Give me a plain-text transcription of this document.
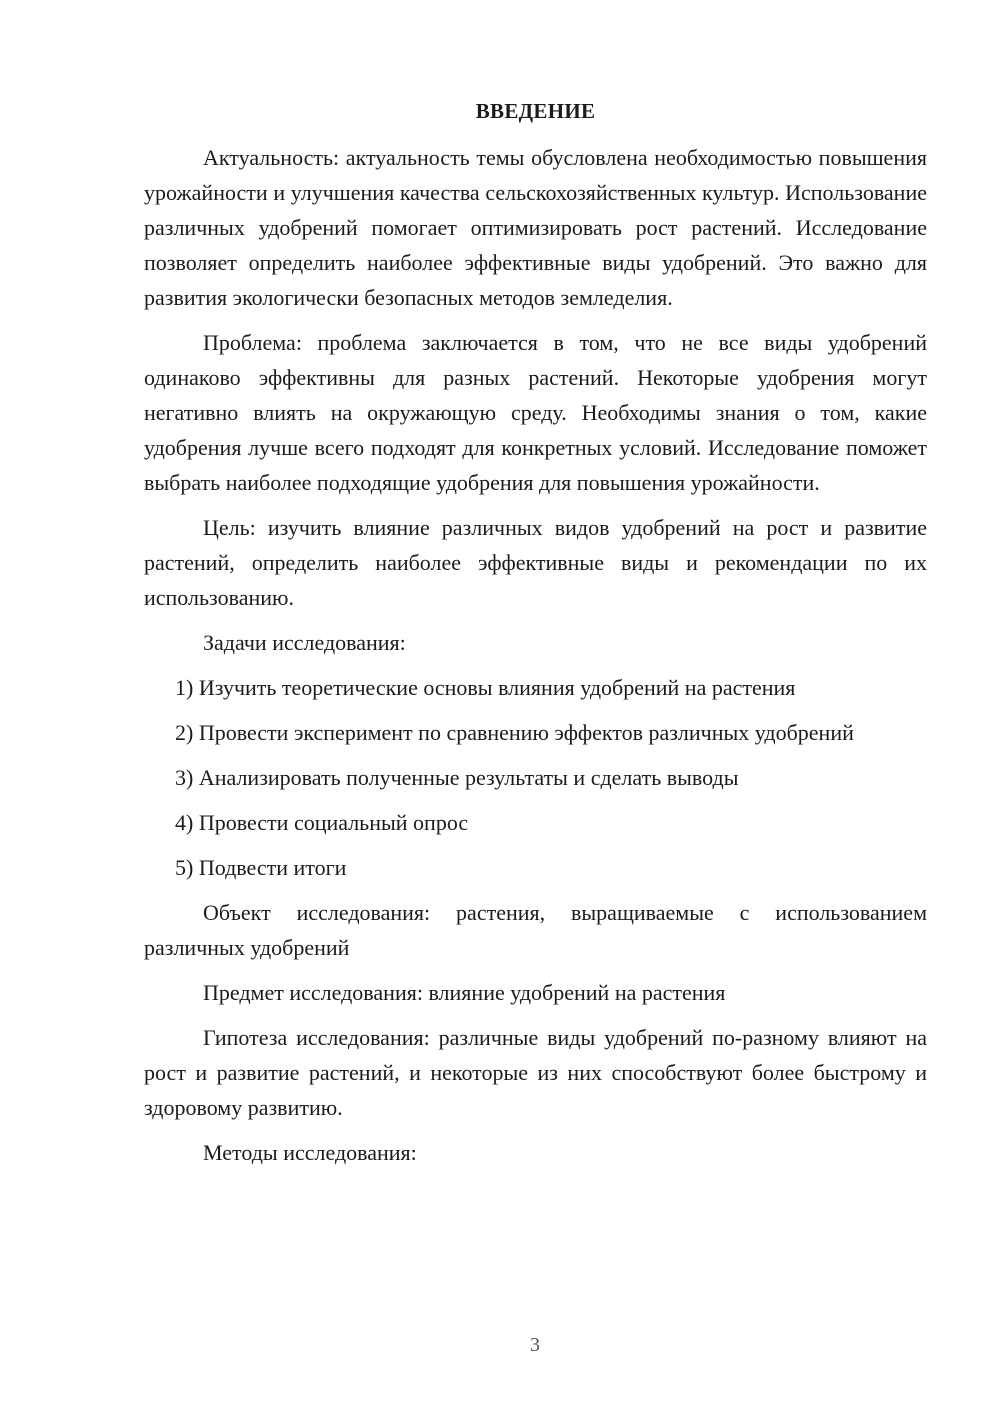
ВВЕДЕНИЕ

Актуальность: актуальность темы обусловлена необходимостью повышения урожайности и улучшения качества сельскохозяйственных культур. Использование различных удобрений помогает оптимизировать рост растений. Исследование позволяет определить наиболее эффективные виды удобрений. Это важно для развития экологически безопасных методов земледелия.

Проблема: проблема заключается в том, что не все виды удобрений одинаково эффективны для разных растений. Некоторые удобрения могут негативно влиять на окружающую среду. Необходимы знания о том, какие удобрения лучше всего подходят для конкретных условий. Исследование поможет выбрать наиболее подходящие удобрения для повышения урожайности.

Цель: изучить влияние различных видов удобрений на рост и развитие растений, определить наиболее эффективные виды и рекомендации по их использованию.

Задачи исследования:

1) Изучить теоретические основы влияния удобрений на растения

2) Провести эксперимент по сравнению эффектов различных удобрений

3) Анализировать полученные результаты и сделать выводы

4) Провести социальный опрос

5) Подвести итоги

Объект исследования: растения, выращиваемые с использованием различных удобрений

Предмет исследования: влияние удобрений на растения

Гипотеза исследования: различные виды удобрений по-разному влияют на рост и развитие растений, и некоторые из них способствуют более быстрому и здоровому развитию.

Методы исследования:

3
